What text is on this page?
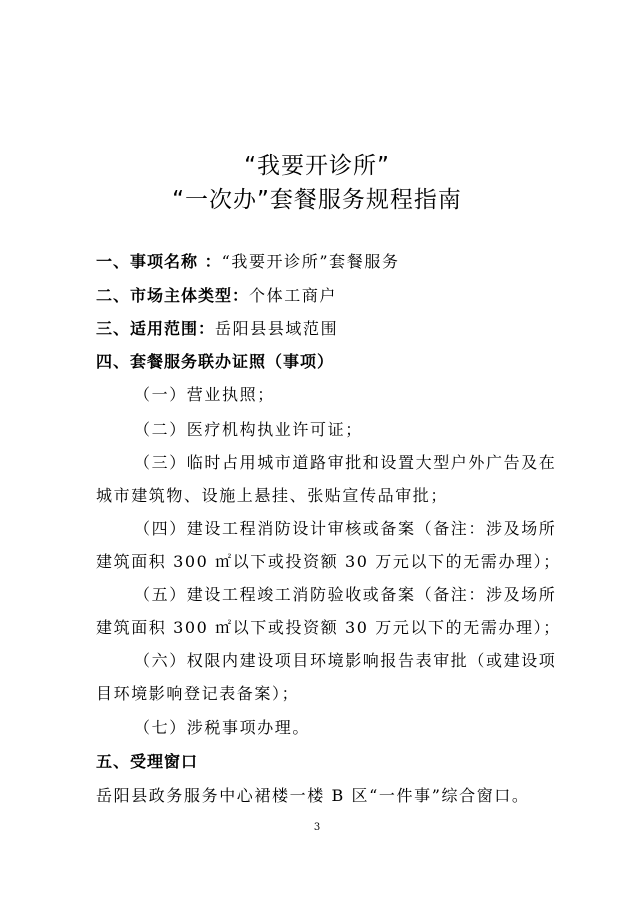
“我要开诊所”
“一次办”套餐服务规程指南
一、事项名称 ：“我要开诊所”套餐服务
二、市场主体类型：个体工商户
三、适用范围：岳阳县县域范围
四、套餐服务联办证照（事项）
（一）营业执照；
（二）医疗机构执业许可证；
（三）临时占用城市道路审批和设置大型户外广告及在
城市建筑物、设施上悬挂、张贴宣传品审批；
（四）建设工程消防设计审核或备案（备注：涉及场所
建筑面积 300 ㎡以下或投资额 30 万元以下的无需办理）；
（五）建设工程竣工消防验收或备案（备注：涉及场所
建筑面积 300 ㎡以下或投资额 30 万元以下的无需办理）；
（六）权限内建设项目环境影响报告表审批（或建设项
目环境影响登记表备案）；
（七）涉税事项办理。
五、受理窗口
岳阳县政务服务中心裙楼一楼 B 区“一件事”综合窗口。
3
